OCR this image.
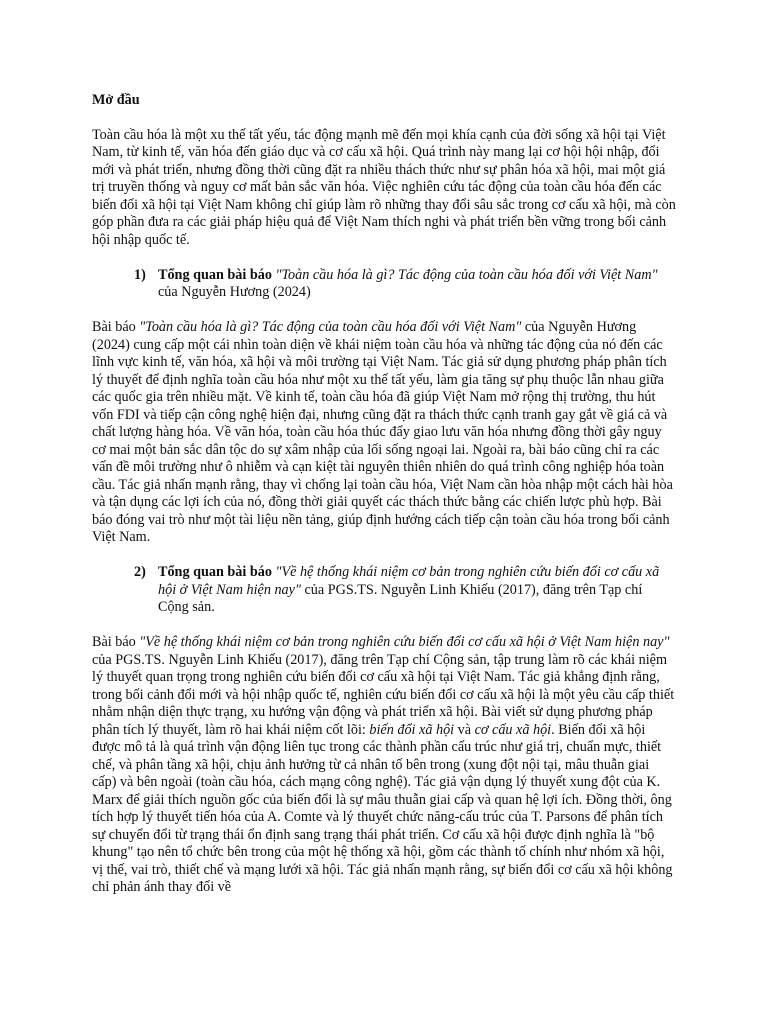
Mở đầu

Toàn cầu hóa là một xu thế tất yếu, tác động mạnh mẽ đến mọi khía cạnh của đời sống xã hội tại Việt Nam, từ kinh tế, văn hóa đến giáo dục và cơ cấu xã hội. Quá trình này mang lại cơ hội hội nhập, đổi mới và phát triển, nhưng đồng thời cũng đặt ra nhiều thách thức như sự phân hóa xã hội, mai một giá trị truyền thống và nguy cơ mất bản sắc văn hóa. Việc nghiên cứu tác động của toàn cầu hóa đến các biến đổi xã hội tại Việt Nam không chỉ giúp làm rõ những thay đổi sâu sắc trong cơ cấu xã hội, mà còn góp phần đưa ra các giải pháp hiệu quả để Việt Nam thích nghi và phát triển bền vững trong bối cảnh hội nhập quốc tế.

1) Tổng quan bài báo "Toàn cầu hóa là gì? Tác động của toàn cầu hóa đối với Việt Nam" của Nguyễn Hương (2024)

Bài báo "Toàn cầu hóa là gì? Tác động của toàn cầu hóa đối với Việt Nam" của Nguyễn Hương (2024) cung cấp một cái nhìn toàn diện về khái niệm toàn cầu hóa và những tác động của nó đến các lĩnh vực kinh tế, văn hóa, xã hội và môi trường tại Việt Nam. Tác giả sử dụng phương pháp phân tích lý thuyết để định nghĩa toàn cầu hóa như một xu thế tất yếu, làm gia tăng sự phụ thuộc lẫn nhau giữa các quốc gia trên nhiều mặt. Về kinh tế, toàn cầu hóa đã giúp Việt Nam mở rộng thị trường, thu hút vốn FDI và tiếp cận công nghệ hiện đại, nhưng cũng đặt ra thách thức cạnh tranh gay gắt về giá cả và chất lượng hàng hóa. Về văn hóa, toàn cầu hóa thúc đẩy giao lưu văn hóa nhưng đồng thời gây nguy cơ mai một bản sắc dân tộc do sự xâm nhập của lối sống ngoại lai. Ngoài ra, bài báo cũng chỉ ra các vấn đề môi trường như ô nhiễm và cạn kiệt tài nguyên thiên nhiên do quá trình công nghiệp hóa toàn cầu. Tác giả nhấn mạnh rằng, thay vì chống lại toàn cầu hóa, Việt Nam cần hòa nhập một cách hài hòa và tận dụng các lợi ích của nó, đồng thời giải quyết các thách thức bằng các chiến lược phù hợp. Bài báo đóng vai trò như một tài liệu nền tảng, giúp định hướng cách tiếp cận toàn cầu hóa trong bối cảnh Việt Nam.

2) Tổng quan bài báo "Về hệ thống khái niệm cơ bản trong nghiên cứu biến đổi cơ cấu xã hội ở Việt Nam hiện nay" của PGS.TS. Nguyễn Linh Khiếu (2017), đăng trên Tạp chí Cộng sản.

Bài báo "Về hệ thống khái niệm cơ bản trong nghiên cứu biến đổi cơ cấu xã hội ở Việt Nam hiện nay" của PGS.TS. Nguyễn Linh Khiếu (2017), đăng trên Tạp chí Cộng sản, tập trung làm rõ các khái niệm lý thuyết quan trọng trong nghiên cứu biến đổi cơ cấu xã hội tại Việt Nam. Tác giả khẳng định rằng, trong bối cảnh đổi mới và hội nhập quốc tế, nghiên cứu biến đổi cơ cấu xã hội là một yêu cầu cấp thiết nhằm nhận diện thực trạng, xu hướng vận động và phát triển xã hội. Bài viết sử dụng phương pháp phân tích lý thuyết, làm rõ hai khái niệm cốt lõi: biến đổi xã hội và cơ cấu xã hội. Biến đổi xã hội được mô tả là quá trình vận động liên tục trong các thành phần cấu trúc như giá trị, chuẩn mực, thiết chế, và phân tầng xã hội, chịu ảnh hưởng từ cả nhân tố bên trong (xung đột nội tại, mâu thuẫn giai cấp) và bên ngoài (toàn cầu hóa, cách mạng công nghệ). Tác giả vận dụng lý thuyết xung đột của K. Marx để giải thích nguồn gốc của biến đổi là sự mâu thuẫn giai cấp và quan hệ lợi ích. Đồng thời, ông tích hợp lý thuyết tiến hóa của A. Comte và lý thuyết chức năng-cấu trúc của T. Parsons để phân tích sự chuyển đổi từ trạng thái ổn định sang trạng thái phát triển. Cơ cấu xã hội được định nghĩa là "bộ khung" tạo nên tổ chức bên trong của một hệ thống xã hội, gồm các thành tố chính như nhóm xã hội, vị thế, vai trò, thiết chế và mạng lưới xã hội. Tác giả nhấn mạnh rằng, sự biến đổi cơ cấu xã hội không chỉ phản ánh thay đổi về
